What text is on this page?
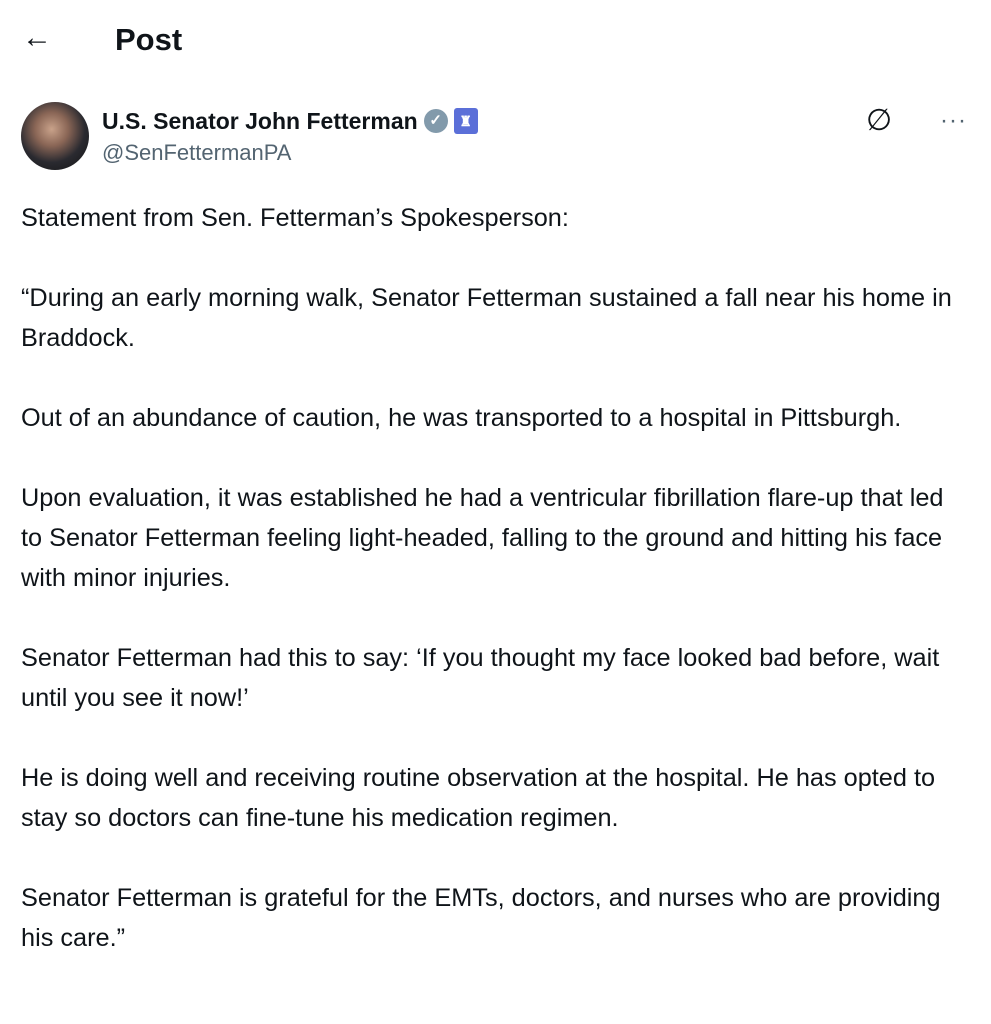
← Post
U.S. Senator John Fetterman ✓	♜
@SenFettermanPA
∅ ···

Statement from Sen. Fetterman’s Spokesperson:

“During an early morning walk, Senator Fetterman sustained a fall near his home in Braddock.

Out of an abundance of caution, he was transported to a hospital in Pittsburgh.

Upon evaluation, it was established he had a ventricular fibrillation flare-up that led to Senator Fetterman feeling light-headed, falling to the ground and hitting his face with minor injuries.

Senator Fetterman had this to say: ‘If you thought my face looked bad before, wait until you see it now!’

He is doing well and receiving routine observation at the hospital. He has opted to stay so doctors can fine-tune his medication regimen.

Senator Fetterman is grateful for the EMTs, doctors, and nurses who are providing his care.”
